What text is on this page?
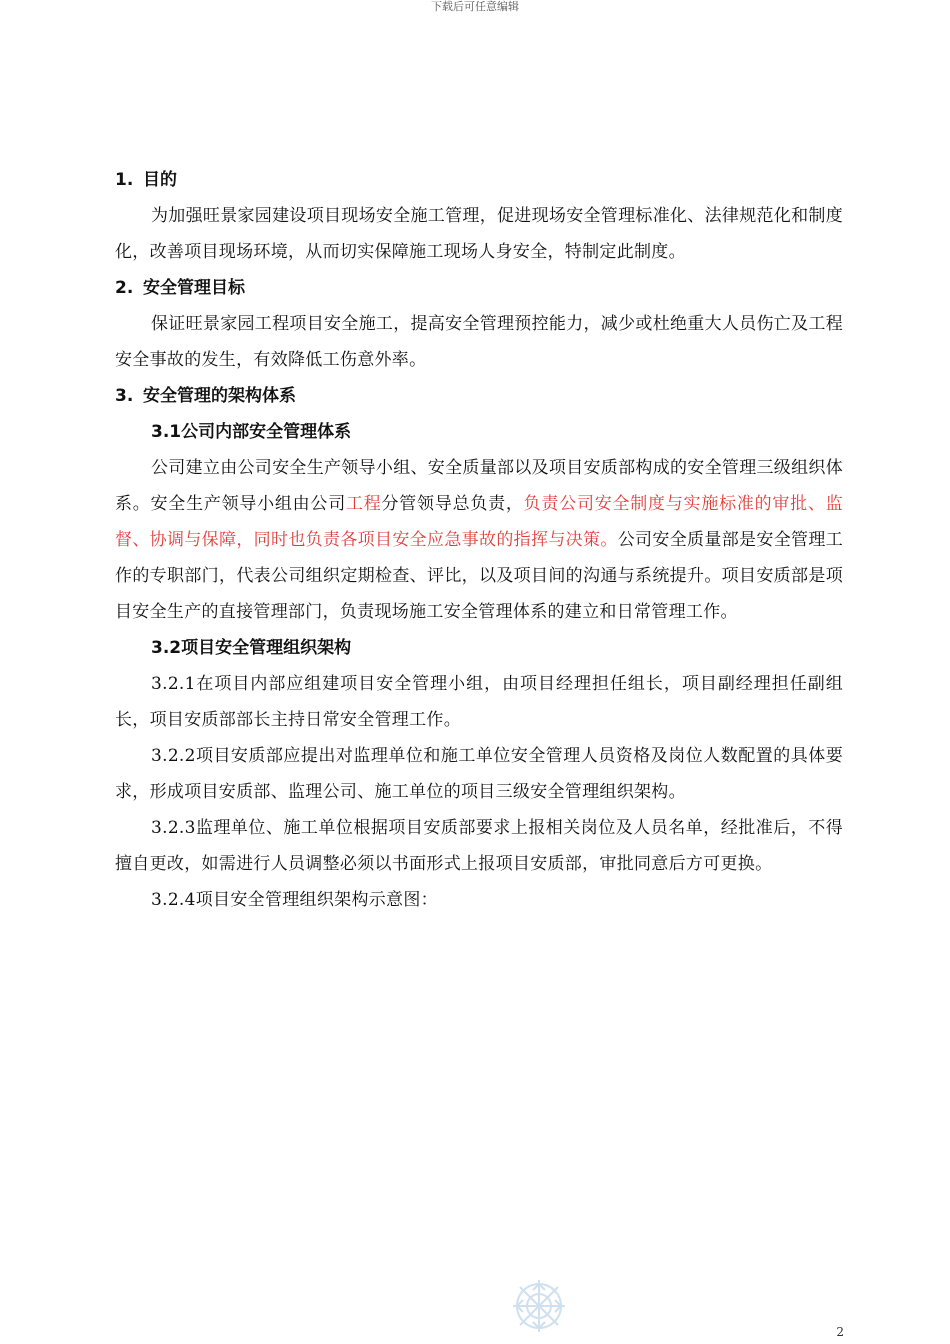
下载后可任意编辑

1. 目的

为加强旺景家园建设项目现场安全施工管理，促进现场安全管理标准化、法律规范化和制度化，改善项目现场环境，从而切实保障施工现场人身安全，特制定此制度。

2. 安全管理目标

保证旺景家园工程项目安全施工，提高安全管理预控能力，减少或杜绝重大人员伤亡及工程安全事故的发生，有效降低工伤意外率。

3. 安全管理的架构体系

3.1公司内部安全管理体系

公司建立由公司安全生产领导小组、安全质量部以及项目安质部构成的安全管理三级组织体系。安全生产领导小组由公司工程分管领导总负责，负责公司安全制度与实施标准的审批、监督、协调与保障，同时也负责各项目安全应急事故的指挥与决策。公司安全质量部是安全管理工作的专职部门，代表公司组织定期检查、评比，以及项目间的沟通与系统提升。项目安质部是项目安全生产的直接管理部门，负责现场施工安全管理体系的建立和日常管理工作。

3.2项目安全管理组织架构

3.2.1在项目内部应组建项目安全管理小组，由项目经理担任组长，项目副经理担任副组长，项目安质部部长主持日常安全管理工作。

3.2.2项目安质部应提出对监理单位和施工单位安全管理人员资格及岗位人数配置的具体要求，形成项目安质部、监理公司、施工单位的项目三级安全管理组织架构。

3.2.3监理单位、施工单位根据项目安质部要求上报相关岗位及人员名单，经批准后，不得擅自更改，如需进行人员调整必须以书面形式上报项目安质部，审批同意后方可更换。

3.2.4项目安全管理组织架构示意图：

2
